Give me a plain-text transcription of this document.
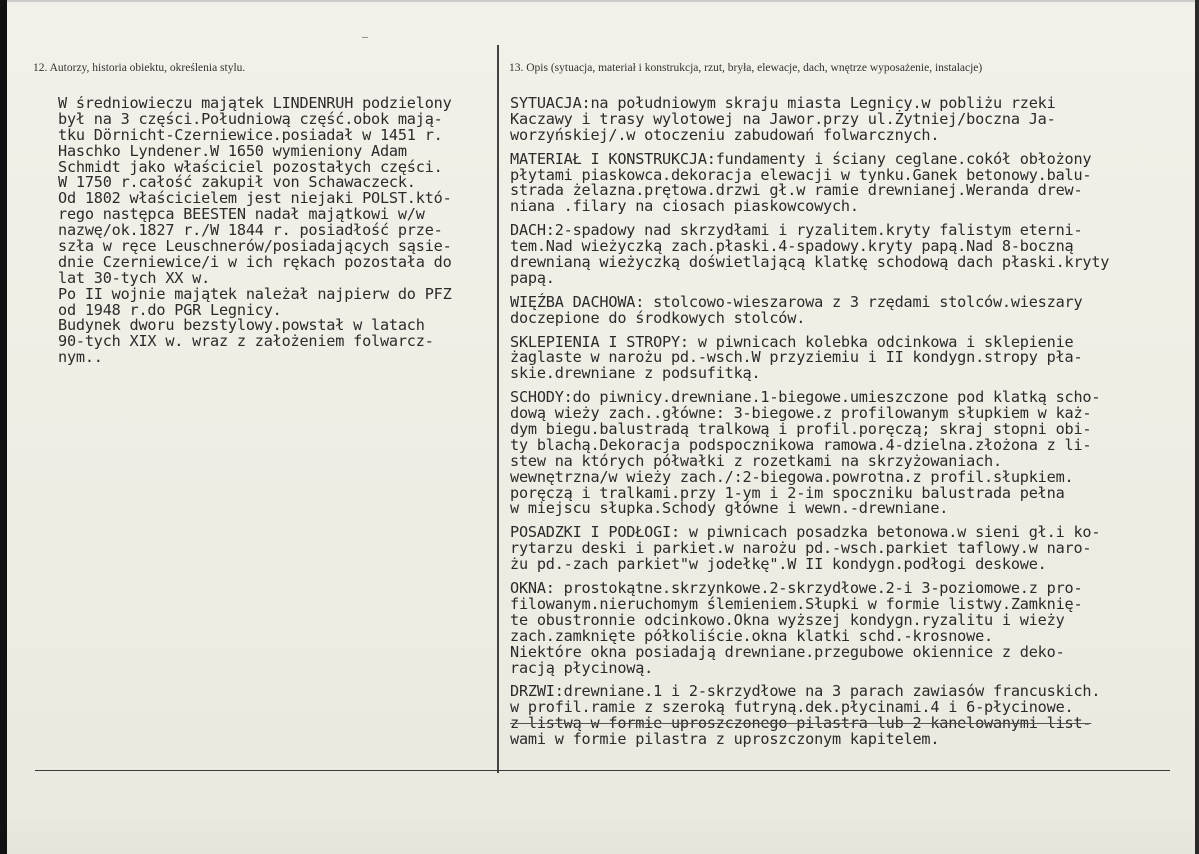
—
12. Autorzy, historia obiektu, określenia stylu.	13. Opis (sytuacja, materiał i konstrukcja, rzut, bryła, elewacje, dach, wnętrze wyposażenie, instalacje)
W średniowieczu majątek LINDENRUH podzielony
był na 3 części.Południową część.obok mają-
tku Dörnicht-Czerniewice.posiadał w 1451 r.
Haschko Lyndener.W 1650 wymieniony Adam
Schmidt jako właściciel pozostałych części.
W 1750 r.całość zakupił von Schawaczeck.
Od 1802 właścicielem jest niejaki POLST.któ-
rego następca BEESTEN nadał majątkowi w/w
nazwę/ok.1827 r./W 1844 r. posiadłość prze-
szła w ręce Leuschnerów/posiadających sąsie-
dnie Czerniewice/i w ich rękach pozostała do
lat 30-tych XX w.
Po II wojnie majątek należał najpierw do PFZ
od 1948 r.do PGR Legnicy.
Budynek dworu bezstylowy.powstał w latach
90-tych XIX w. wraz z założeniem folwarcz-
nym..
SYTUACJA:na południowym skraju miasta Legnicy.w pobliżu rzeki
Kaczawy i trasy wylotowej na Jawor.przy ul.Żytniej/boczna Ja-
worzyńskiej/.w otoczeniu zabudowań folwarcznych.
MATERIAŁ I KONSTRUKCJA:fundamenty i ściany ceglane.cokół obłożony
płytami piaskowca.dekoracja elewacji w tynku.Ganek betonowy.balu-
strada żelazna.prętowa.drzwi gł.w ramie drewnianej.Weranda drew-
niana .filary na ciosach piaskowcowych.
DACH:2-spadowy nad skrzydłami i ryzalitem.kryty falistym eterni-
tem.Nad wieżyczką zach.płaski.4-spadowy.kryty papą.Nad 8-boczną
drewnianą wieżyczką doświetlającą klatkę schodową dach płaski.kryty
papą.
WIĘŹBA DACHOWA: stolcowo-wieszarowa z 3 rzędami stolców.wieszary
doczepione do środkowych stolców.
SKLEPIENIA I STROPY: w piwnicach kolebka odcinkowa i sklepienie
żaglaste w narożu pd.-wsch.W przyziemiu i II kondygn.stropy pła-
skie.drewniane z podsufitką.
SCHODY:do piwnicy.drewniane.1-biegowe.umieszczone pod klatką scho-
dową wieży zach..główne: 3-biegowe.z profilowanym słupkiem w każ-
dym biegu.balustradą tralkową i profil.poręczą; skraj stopni obi-
ty blachą.Dekoracja podspocznikowa ramowa.4-dzielna.złożona z li-
stew na których półwałki z rozetkami na skrzyżowaniach.
wewnętrzna/w wieży zach./:2-biegowa.powrotna.z profil.słupkiem.
poręczą i tralkami.przy 1-ym i 2-im spoczniku balustrada pełna
w miejscu słupka.Schody główne i wewn.-drewniane.
POSADZKI I PODŁOGI: w piwnicach posadzka betonowa.w sieni gł.i ko-
rytarzu deski i parkiet.w narożu pd.-wsch.parkiet taflowy.w naro-
żu pd.-zach parkiet"w jodełkę".W II kondygn.podłogi deskowe.
OKNA: prostokątne.skrzynkowe.2-skrzydłowe.2-i 3-poziomowe.z pro-
filowanym.nieruchomym ślemieniem.Słupki w formie listwy.Zamknię-
te obustronnie odcinkowo.Okna wyższej kondygn.ryzalitu i wieży
zach.zamknięte półkoliście.okna klatki schd.-krosnowe.
Niektóre okna posiadają drewniane.przegubowe okiennice z deko-
racją płycinową.
DRZWI:drewniane.1 i 2-skrzydłowe na 3 parach zawiasów francuskich.
w profil.ramie z szeroką futryną.dek.płycinami.4 i 6-płycinowe.
z listwą w formie uproszczonego pilastra lub 2 kanelowanymi list-
wami w formie pilastra z uproszczonym kapitelem.
